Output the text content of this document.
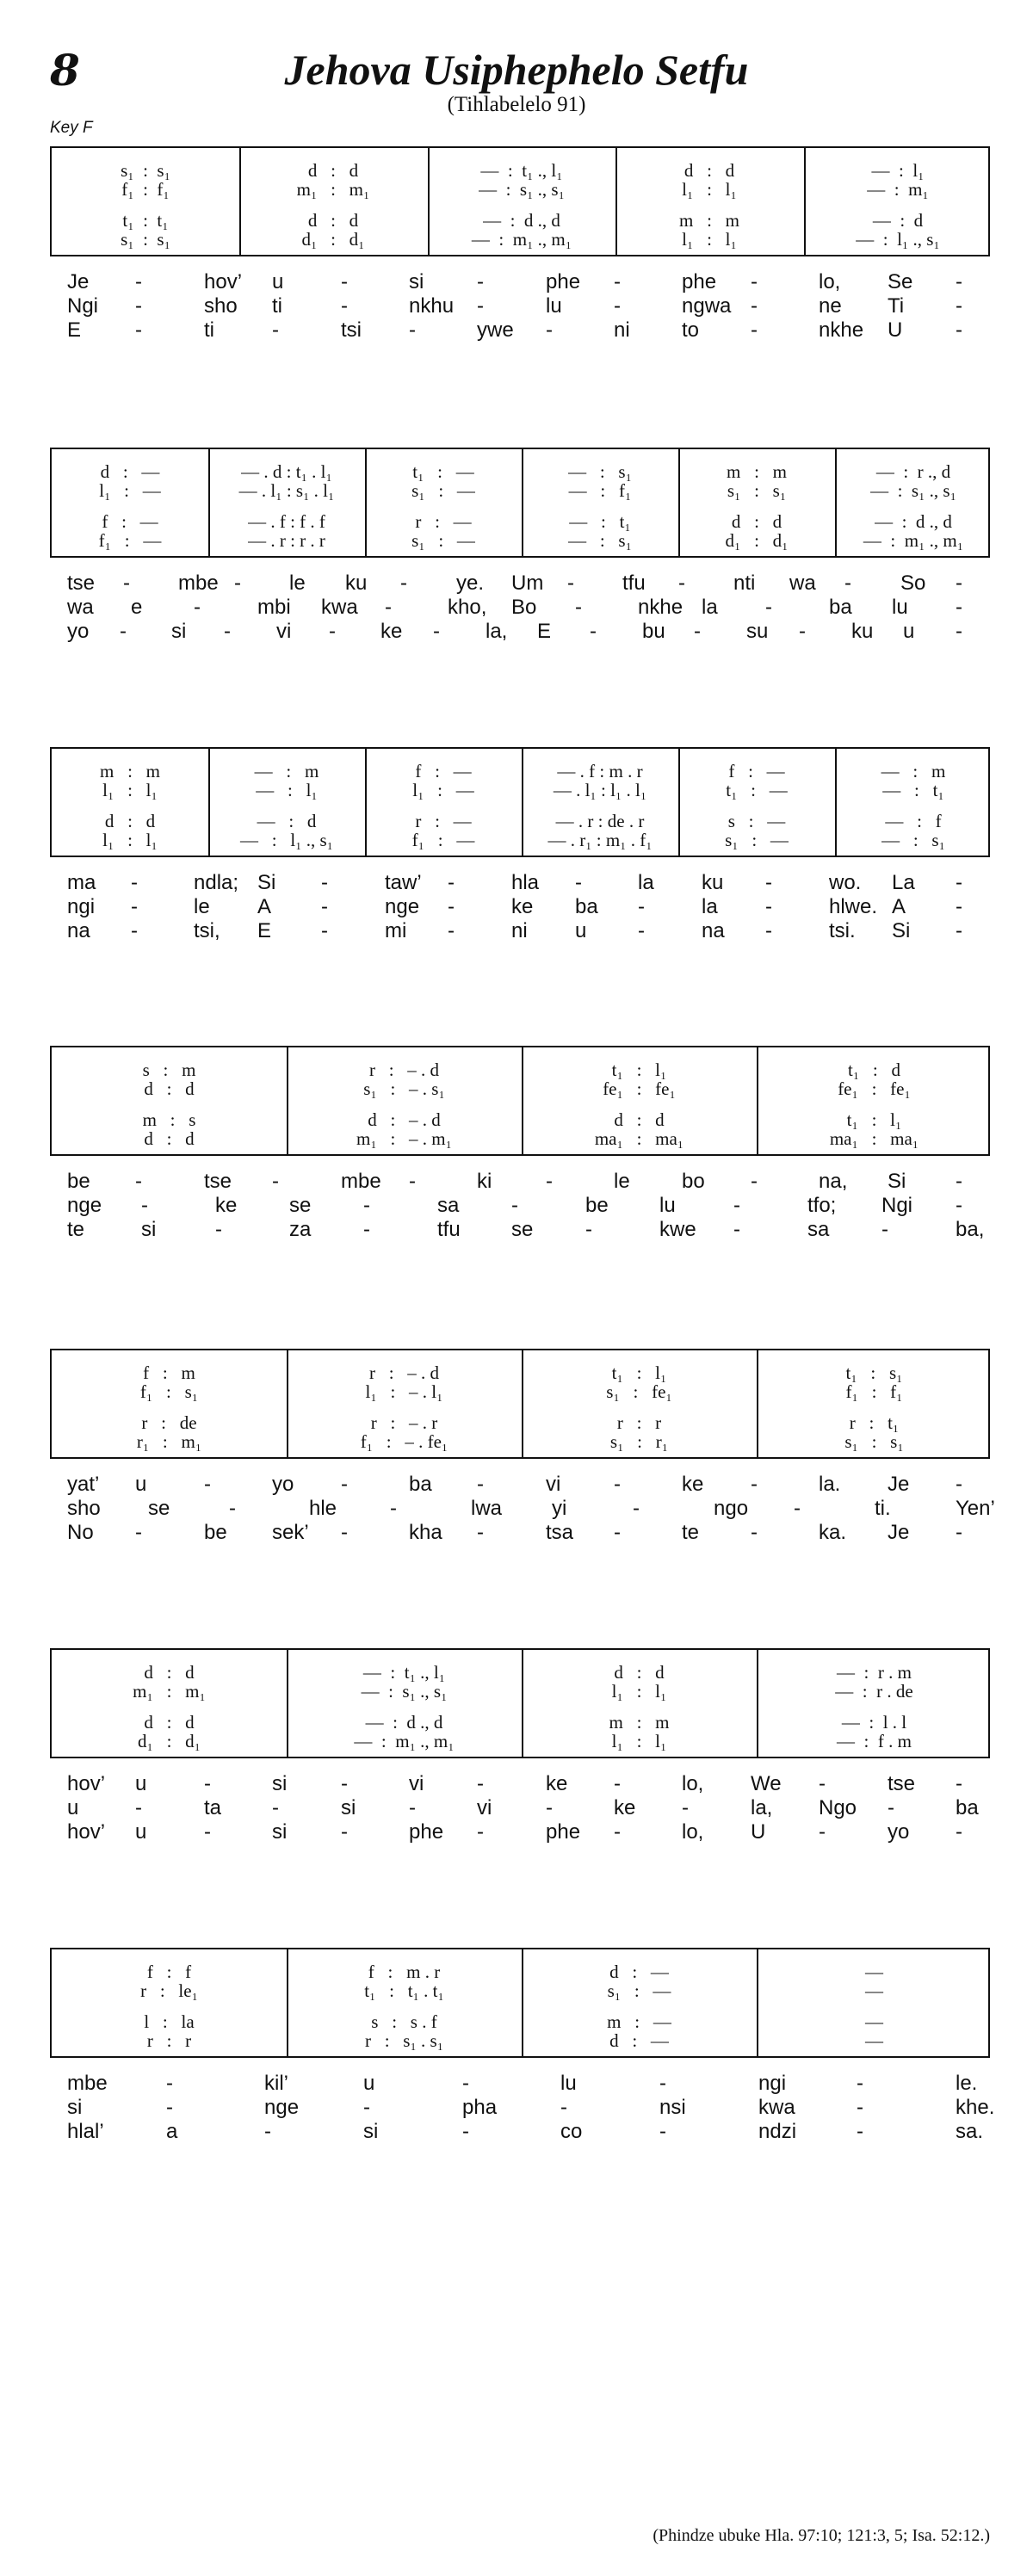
8	Jehova Usiphephelo Setfu
(Tihlabelelo 91)
Key F
s₁  :  s₁	d   :   d	—  :  t₁ ., l₁	d   :   d	—  :  l₁
f₁  :  f₁	m₁   :   m₁	—  :  s₁ ., s₁	l₁   :   l₁	—  :  m₁
t₁  :  t₁	d   :   d	—  :  d ., d	m   :   m	—  :  d
s₁  :  s₁	d₁   :   d₁	—  :  m₁ ., m₁	l₁   :   l₁	—  :  l₁ ., s₁
Je -	hov’ u	-	si	-	phe -	phe -	lo, Se -
Ngi -	sho ti	-	nkhu -	lu	-	ngwa -	ne Ti -
E	-	ti	-	tsi -	ywe -	ni	to -	nkhe U	-
d   :   —	— . d : t₁ . l₁	t₁   :   —	—   :   s₁	m   :   m	—  :  r ., d
l₁   :   —	— . l₁ : s₁ . l₁	s₁   :   —	—   :   f₁	s₁   :   s₁	—  :  s₁ ., s₁
f   :   —	— . f : f . f	r   :   —	—   :   t₁	d   :   d	—  :  d ., d
f₁   :   —	— . r : r . r	s₁   :   —	—   :   s₁	d₁   :   d₁	—  :  m₁ ., m₁
tse - mbe - le ku - ye. Um - tfu - nti wa - So -
wa e -	mbi kwa -	kho, Bo -	nkhe la -	ba lu -
yo - si - vi - ke - la, E - bu - su - ku u -
m   :   m	—   :   m	f   :   —	— . f : m . r	f   :   —	—   :   m
l₁   :   l₁	—   :   l₁	l₁   :   —	— . l₁ : l₁ . l₁	t₁   :   —	—   :   t₁
d   :   d	—   :   d	r   :   —	— . r : de . r	s   :   —	—   :   f
l₁   :   l₁	—   :   l₁ ., s₁	f₁   :   —	— . r₁ : m₁ . f₁	s₁   :   —	—   :   s₁
ma -	ndla; Si -	taw’ -	hla -	la ku -	wo. La -
ngi -	le A -	nge -	ke ba -	la -	hlwe. A -
na -	tsi, E -	mi -	ni u -	na -	tsi. Si -
s   :   m	r   :   – . d	t₁   :   l₁	t₁   :   d
d   :   d	s₁   :   – . s₁	fe₁   :   fe₁	fe₁   :   fe₁
m   :   s	d   :   – . d	d   :   d	t₁   :   l₁
d   :   d	m₁   :   – . m₁	ma₁   :   ma₁	ma₁   :   ma₁
be -	tse -	mbe -	ki	-	le	bo -	na, Si -
nge -	ke	se	-	sa	-	be lu	-	tfo; Ngi -
te	si	-	za	-	tfu se	-	kwe -	sa	-	ba,
f   :   m	r   :   – . d	t₁   :   l₁	t₁   :   s₁
f₁   :   s₁	l₁   :   – . l₁	s₁   :   fe₁	f₁   :   f₁
r   :   de	r   :   – . r	r   :   r	r   :   t₁
r₁   :   m₁	f₁   :   – . fe₁	s₁   :   r₁	s₁   :   s₁
yat’ u	-	yo -	ba -	vi	-	ke -	la. Je -
sho se	-	hle	-	lwa yi	-	ngo -	ti.	Yen’
No -	be sek’ -	kha -	tsa -	te -	ka. Je -
d   :   d	—  :  t₁ ., l₁	d   :   d	—  :  r . m
m₁   :   m₁	—  :  s₁ ., s₁	l₁   :   l₁	—  :  r . de
d   :   d	—  :  d ., d	m   :   m	—  :  l . l
d₁   :   d₁	—  :  m₁ ., m₁	l₁   :   l₁	—  :  f . m
hov’ u	-	si	-	vi	-	ke -	lo, We -	tse -
u	-	ta -	si	-	vi	-	ke -	la, Ngo -	ba
hov’ u	-	si	-	phe -	phe -	lo, U	-	yo -
f   :   f	f   :   m . r	d   :   —	—
r   :   le₁	t₁   :   t₁ . t₁	s₁   :   —	—
l   :   la	s   :   s . f	m   :   —	—
r   :   r	r   :   s₁ . s₁	d   :   —	—
mbe	-	kil’	u	-	lu	-	ngi	-	le.
si	-	nge	-	pha	-	nsi	kwa	-	khe.
hlal’	a	-	si	-	co	-	ndzi	-	sa.
(Phindze ubuke Hla. 97:10; 121:3, 5; Isa. 52:12.)
